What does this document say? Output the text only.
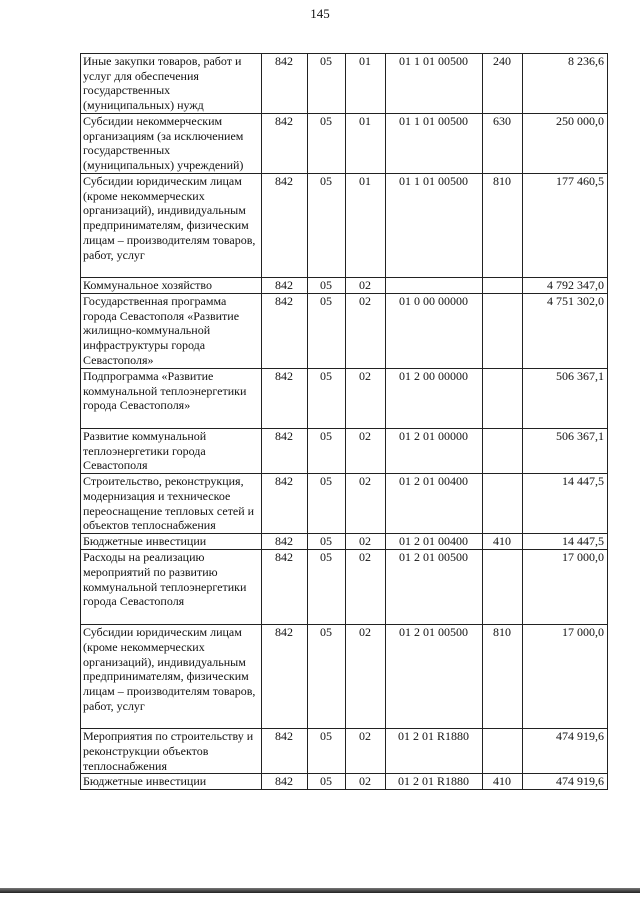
145
Иные закупки товаров, работ и услуг для обеспечения государственных (муниципальных) нужд	842	05	01	01 1 01 00500	240	8 236,6
Субсидии некоммерческим организациям (за исключением государственных (муниципальных) учреждений)	842	05	01	01 1 01 00500	630	250 000,0
Субсидии юридическим лицам (кроме некоммерческих организаций), индивидуальным предпринимателям, физическим лицам – производителям товаров, работ, услуг	842	05	01	01 1 01 00500	810	177 460,5
Коммунальное хозяйство	842	05	02			4 792 347,0
Государственная программа города Севастополя «Развитие жилищно-коммунальной инфраструктуры города Севастополя»	842	05	02	01 0 00 00000		4 751 302,0
Подпрограмма «Развитие коммунальной теплоэнергетики города Севастополя»	842	05	02	01 2 00 00000		506 367,1
Развитие коммунальной теплоэнергетики города Севастополя	842	05	02	01 2 01 00000		506 367,1
Строительство, реконструкция, модернизация и техническое переоснащение тепловых сетей и объектов теплоснабжения	842	05	02	01 2 01 00400		14 447,5
Бюджетные инвестиции	842	05	02	01 2 01 00400	410	14 447,5
Расходы на реализацию мероприятий по развитию коммунальной теплоэнергетики города Севастополя	842	05	02	01 2 01 00500		17 000,0
Субсидии юридическим лицам (кроме некоммерческих организаций), индивидуальным предпринимателям, физическим лицам – производителям товаров, работ, услуг	842	05	02	01 2 01 00500	810	17 000,0
Мероприятия по строительству и реконструкции объектов теплоснабжения	842	05	02	01 2 01 R1880		474 919,6
Бюджетные инвестиции	842	05	02	01 2 01 R1880	410	474 919,6
